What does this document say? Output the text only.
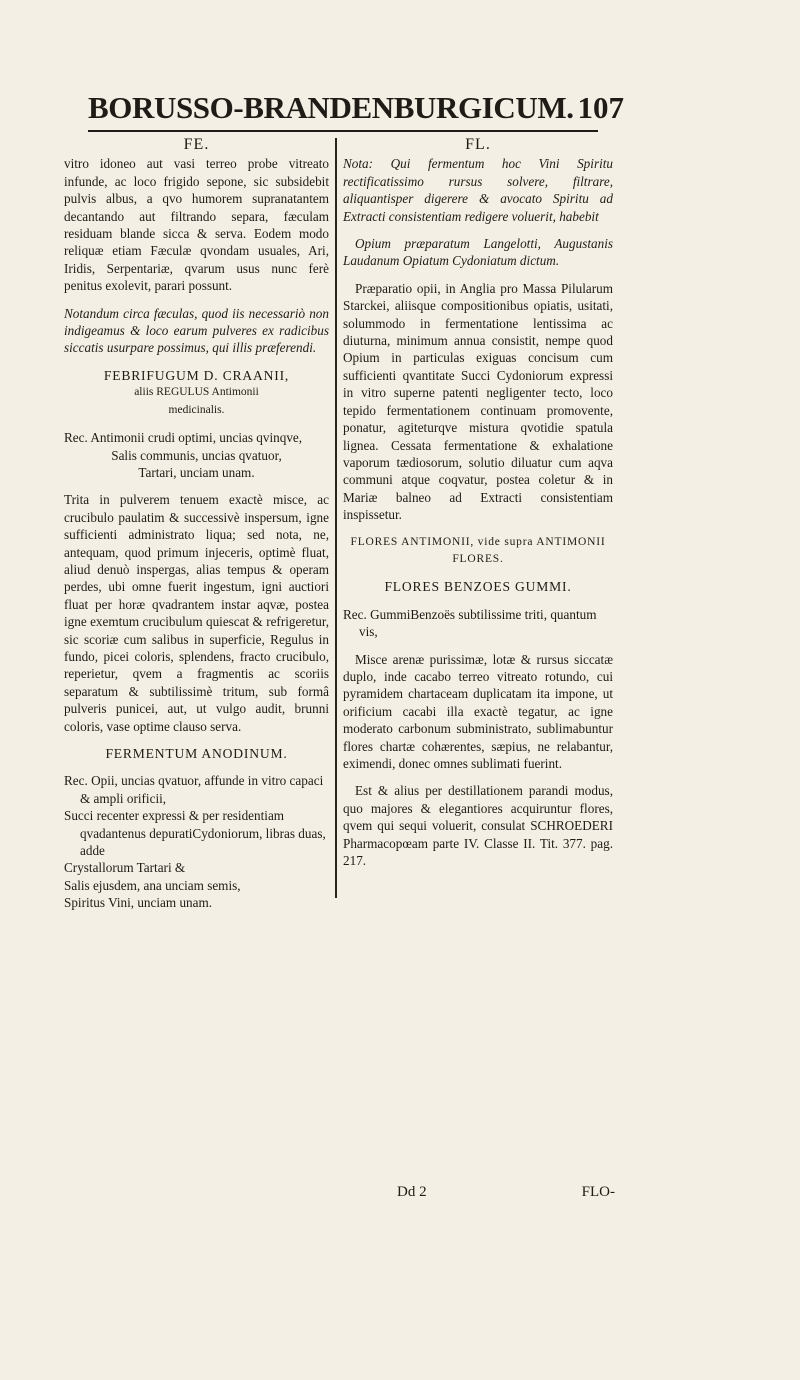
BORUSSO-BRANDENBURGICUM. 107

FE.

vitro idoneo aut vasi terreo probe vitreato infunde, ac loco frigido sepone, sic subsidebit pulvis albus, a qvo humorem supranatantem decantando aut filtrando separa, fæculam residuam blande sicca & serva. Eodem modo reliquæ etiam Fæculæ qvondam usuales, Ari, Iridis, Serpentariæ, qvarum usus nunc ferè penitus exolevit, parari possunt.

Notandum circa fæculas, quod iis necessariò non indigeamus & loco earum pulveres ex radicibus siccatis usurpare possimus, qui illis præferendi.

FEBRIFUGUM D. CRAANII,

aliis REGULUS Antimonii

medicinalis.

Rec. Antimonii crudi optimi, uncias qvinqve,

Salis communis, uncias qvatuor,

Tartari, unciam unam.

Trita in pulverem tenuem exactè misce, ac crucibulo paulatim & successivè inspersum, igne sufficienti administrato liqua; sed nota, ne, antequam, quod primum injeceris, optimè fluat, aliud denuò inspergas, alias tempus & operam perdes, ubi omne fuerit ingestum, igni auctiori fluat per horæ qvadrantem instar aqvæ, postea igne exemtum crucibulum quiescat & refrigeretur, sic scoriæ cum salibus in superficie, Regulus in fundo, picei coloris, splendens, fracto crucibulo, reperietur, qvem a fragmentis ac scoriis separatum & subtilissimè tritum, sub formâ pulveris punicei, aut, ut vulgo audit, brunni coloris, vase optime clauso serva.

FERMENTUM ANODINUM.

Rec. Opii, uncias qvatuor, affunde in vitro capaci & ampli orificii,

Succi recenter expressi & per residentiam qvadantenus depuratiCydoniorum, libras duas, adde

Crystallorum Tartari &

Salis ejusdem, ana unciam semis,

Spiritus Vini, unciam unam.

FL.

Nota: Qui fermentum hoc Vini Spiritu rectificatissimo rursus solvere, filtrare, aliquantisper digerere & avocato Spiritu ad Extracti consistentiam redigere voluerit, habebit

Opium præparatum Langelotti, Augustanis Laudanum Opiatum Cydoniatum dictum.

Præparatio opii, in Anglia pro Massa Pilularum Starckei, aliisque compositionibus opiatis, usitati, solummodo in fermentatione lentissima ac diuturna, minimum annua consistit, nempe quod Opium in particulas exiguas concisum cum sufficienti qvantitate Succi Cydoniorum expressi in vitro superne patenti negligenter tecto, loco tepido fermentationem continuam promovente, ponatur, agiteturqve mistura qvotidie spatula lignea. Cessata fermentatione & exhalatione vaporum tædiosorum, solutio diluatur cum aqva communi atque coqvatur, postea coletur & in Mariæ balneo ad Extracti consistentiam inspissetur.

FLORES ANTIMONII, vide supra ANTIMONII FLORES.

FLORES BENZOES GUMMI.

Rec. GummiBenzoës subtilissime triti, quantum vis,

Misce arenæ purissimæ, lotæ & rursus siccatæ duplo, inde cacabo terreo vitreato rotundo, cui pyramidem chartaceam duplicatam ita impone, ut orificium cacabi illa exactè tegatur, ac igne moderato carbonum subministrato, sublimabuntur flores chartæ cohærentes, sæpius, ne relabantur, eximendi, donec omnes sublimati fuerint.

Est & alius per destillationem parandi modus, quo majores & elegantiores acquiruntur flores, qvem qui sequi voluerit, consulat SCHROEDERI Pharmacopœam parte IV. Classe II. Tit. 377. pag. 217.

Dd 2	FLO-
